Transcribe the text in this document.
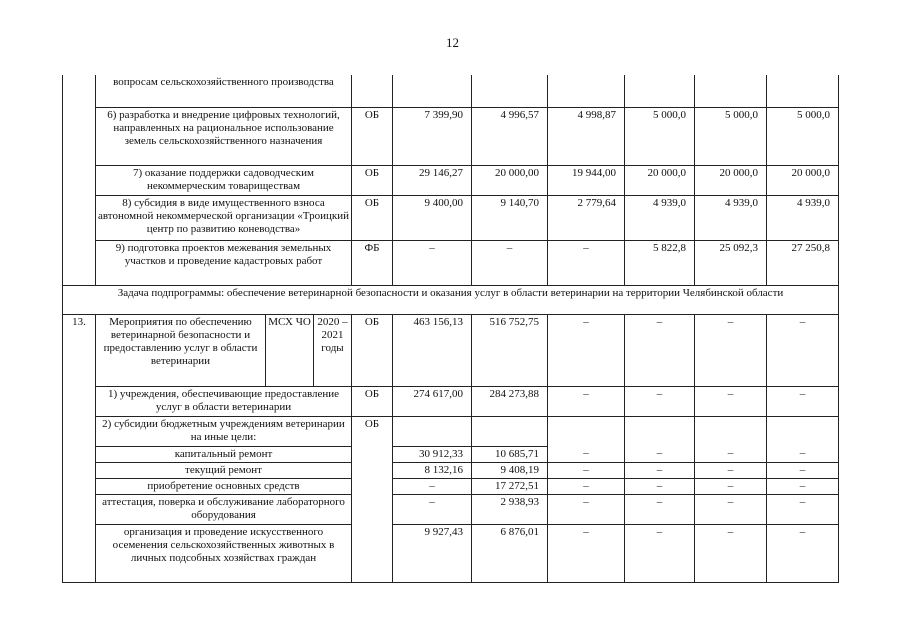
12
	вопросам сельскохозяйственного производства									
	6) разработка и внедрение цифровых технологий, направленных на рациональное использование земель сельскохозяйственного назначения			ОБ	7 399,90	4 996,57	4 998,87	5 000,0	5 000,0	5 000,0
	7) оказание поддержки садоводческим некоммерческим товариществам			ОБ	29 146,27	20 000,00	19 944,00	20 000,0	20 000,0	20 000,0
	8) субсидия в виде имущественного взноса автономной некоммерческой организации «Троицкий центр по развитию коневодства»			ОБ	9 400,00	9 140,70	2 779,64	4 939,0	4 939,0	4 939,0
	9) подготовка проектов межевания земельных участков и проведение кадастровых работ			ФБ	–	–	–	5 822,8	25 092,3	27 250,8
Задача подпрограммы: обеспечение ветеринарной безопасности и оказания услуг в области ветеринарии на территории Челябинской области										
13.	Мероприятия по обеспечению ветеринарной безопасности и предоставлению услуг в области ветеринарии	МСХ ЧО	2020 – 2021 годы	ОБ	463 156,13	516 752,75	–	–	–	–
	1) учреждения, обеспечивающие предоставление услуг в области ветеринарии			ОБ	274 617,00	284 273,88	–	–	–	–
	2) субсидии бюджетным учреждениям ветеринарии на иные цели:			ОБ						
	капитальный ремонт				30 912,33	10 685,71	–	–	–	–
	текущий ремонт				8 132,16	9 408,19	–	–	–	–
	приобретение основных средств				–	17 272,51	–	–	–	–
	аттестация, поверка и обслуживание лабораторного оборудования				–	2 938,93	–	–	–	–
	организация и проведение искусственного осеменения сельскохозяйственных животных в личных подсобных хозяйствах граждан				9 927,43	6 876,01	–	–	–	–
